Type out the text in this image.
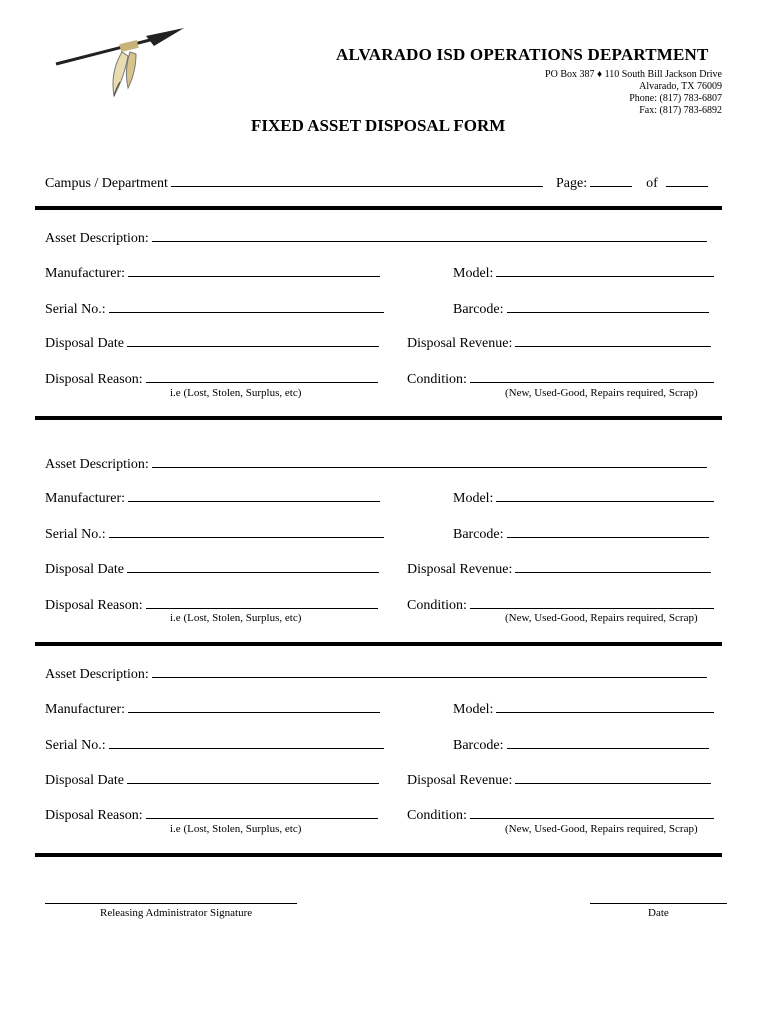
ALVARADO ISD OPERATIONS DEPARTMENT
PO Box 387 ♦ 110 South Bill Jackson Drive
Alvarado, TX 76009
Phone: (817) 783-6807
Fax: (817) 783-6892
FIXED ASSET DISPOSAL FORM
Campus / Department	Page:	of
Asset Description:
Manufacturer:	Model:
Serial No.:	Barcode:
Disposal Date	Disposal Revenue:
Disposal Reason:	Condition:
i.e (Lost, Stolen, Surplus, etc)	(New, Used-Good, Repairs required, Scrap)
Asset Description:
Manufacturer:	Model:
Serial No.:	Barcode:
Disposal Date	Disposal Revenue:
Disposal Reason:	Condition:
i.e (Lost, Stolen, Surplus, etc)	(New, Used-Good, Repairs required, Scrap)
Asset Description:
Manufacturer:	Model:
Serial No.:	Barcode:
Disposal Date	Disposal Revenue:
Disposal Reason:	Condition:
i.e (Lost, Stolen, Surplus, etc)	(New, Used-Good, Repairs required, Scrap)
Releasing Administrator Signature	Date
